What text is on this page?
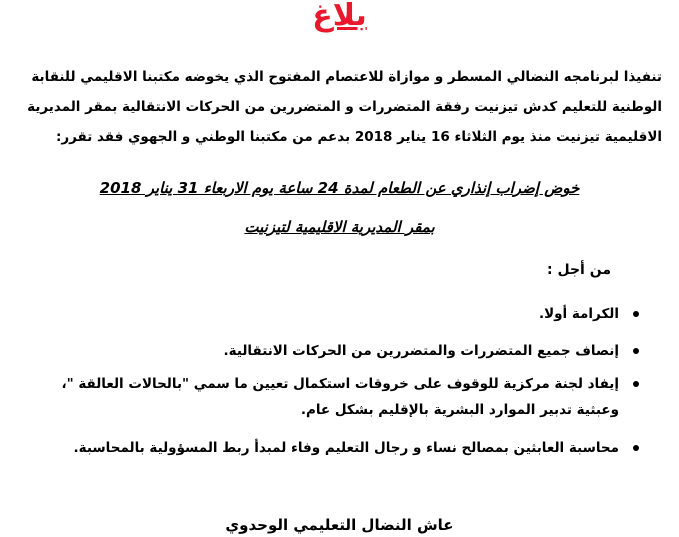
بلاغ
تنفيذا لبرنامجه النضالي المسطر و موازاة للاعتصام المفتوح الذي يخوضه مكتبنا الاقليمي للنقابة
الوطنية للتعليم كدش تيزنيت رفقة المتضررات و المتضررين من الحركات الانتقالية بمقر المديرية
الاقليمية تيزنيت منذ يوم الثلاثاء 16 يناير 2018 بدعم من مكتبنا الوطني و الجهوي فقد تقرر:
خوض إضراب إنذاري عن الطعام لمدة 24 ساعة يوم الاربعاء 31 يناير 2018
بمقر المديرية الاقليمية لتيزنيت
من أجل :
الكرامة أولا.
إنصاف جميع المتضررات والمتضررين من الحركات الانتقالية.
إيفاد لجنة مركزية للوقوف على خروقات استكمال تعيين ما سمي "بالحالات العالقة "،
وعبثية تدبير الموارد البشرية بالإقليم بشكل عام.
محاسبة العابثين بمصالح نساء و رجال التعليم وفاء لمبدأ ربط المسؤولية بالمحاسبة.
عاش النضال التعليمي الوحدوي
